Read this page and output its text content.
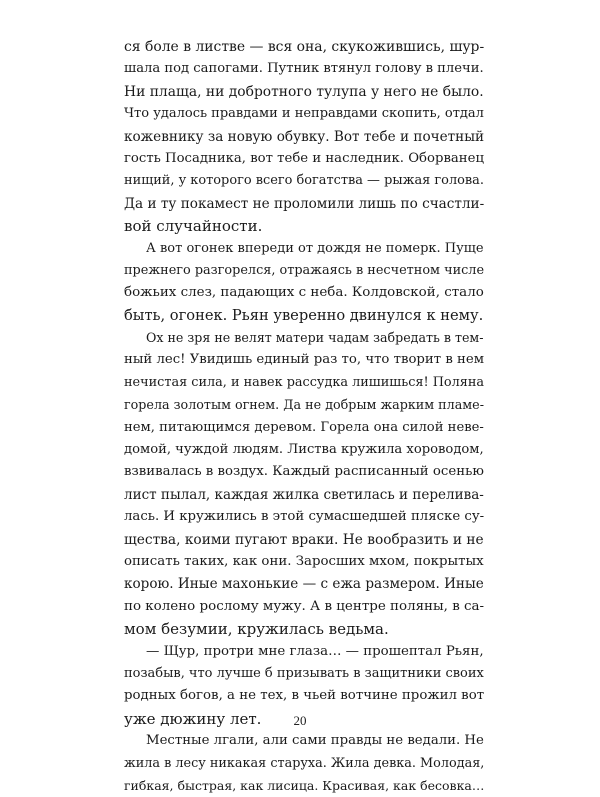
ся боле в листве — вся она, скукожившись, шур-
шала под сапогами. Путник втянул голову в плечи.
Ни плаща, ни добротного тулупа у него не было.
Что удалось правдами и неправдами скопить, отдал
кожевнику за новую обувку. Вот тебе и почетный
гость Посадника, вот тебе и наследник. Оборванец
нищий, у которого всего богатства — рыжая голова.
Да и ту покамест не проломили лишь по счастли-
вой случайности.

А вот огонек впереди от дождя не померк. Пуще
прежнего разгорелся, отражаясь в несчетном числе
божьих слез, падающих с неба. Колдовской, стало
быть, огонек. Рьян уверенно двинулся к нему.

Ох не зря не велят матери чадам забредать в тем-
ный лес! Увидишь единый раз то, что творит в нем
нечистая сила, и навек рассудка лишишься! Поляна
горела золотым огнем. Да не добрым жарким пламе-
нем, питающимся деревом. Горела она силой неве-
домой, чуждой людям. Листва кружила хороводом,
взвивалась в воздух. Каждый расписанный осенью
лист пылал, каждая жилка светилась и перелива-
лась. И кружились в этой сумасшедшей пляске су-
щества, коими пугают враки. Не вообразить и не
описать таких, как они. Заросших мхом, покрытых
корою. Иные махонькие — с ежа размером. Иные
по колено рослому мужу. А в центре поляны, в са-
мом безумии, кружилась ведьма.

— Щур, протри мне глаза… — прошептал Рьян,
позабыв, что лучше б призывать в защитники своих
родных богов, а не тех, в чьей вотчине прожил вот
уже дюжину лет.

Местные лгали, али сами правды не ведали. Не
жила в лесу никакая старуха. Жила девка. Молодая,
гибкая, быстрая, как лисица. Красивая, как бесовка…

20
